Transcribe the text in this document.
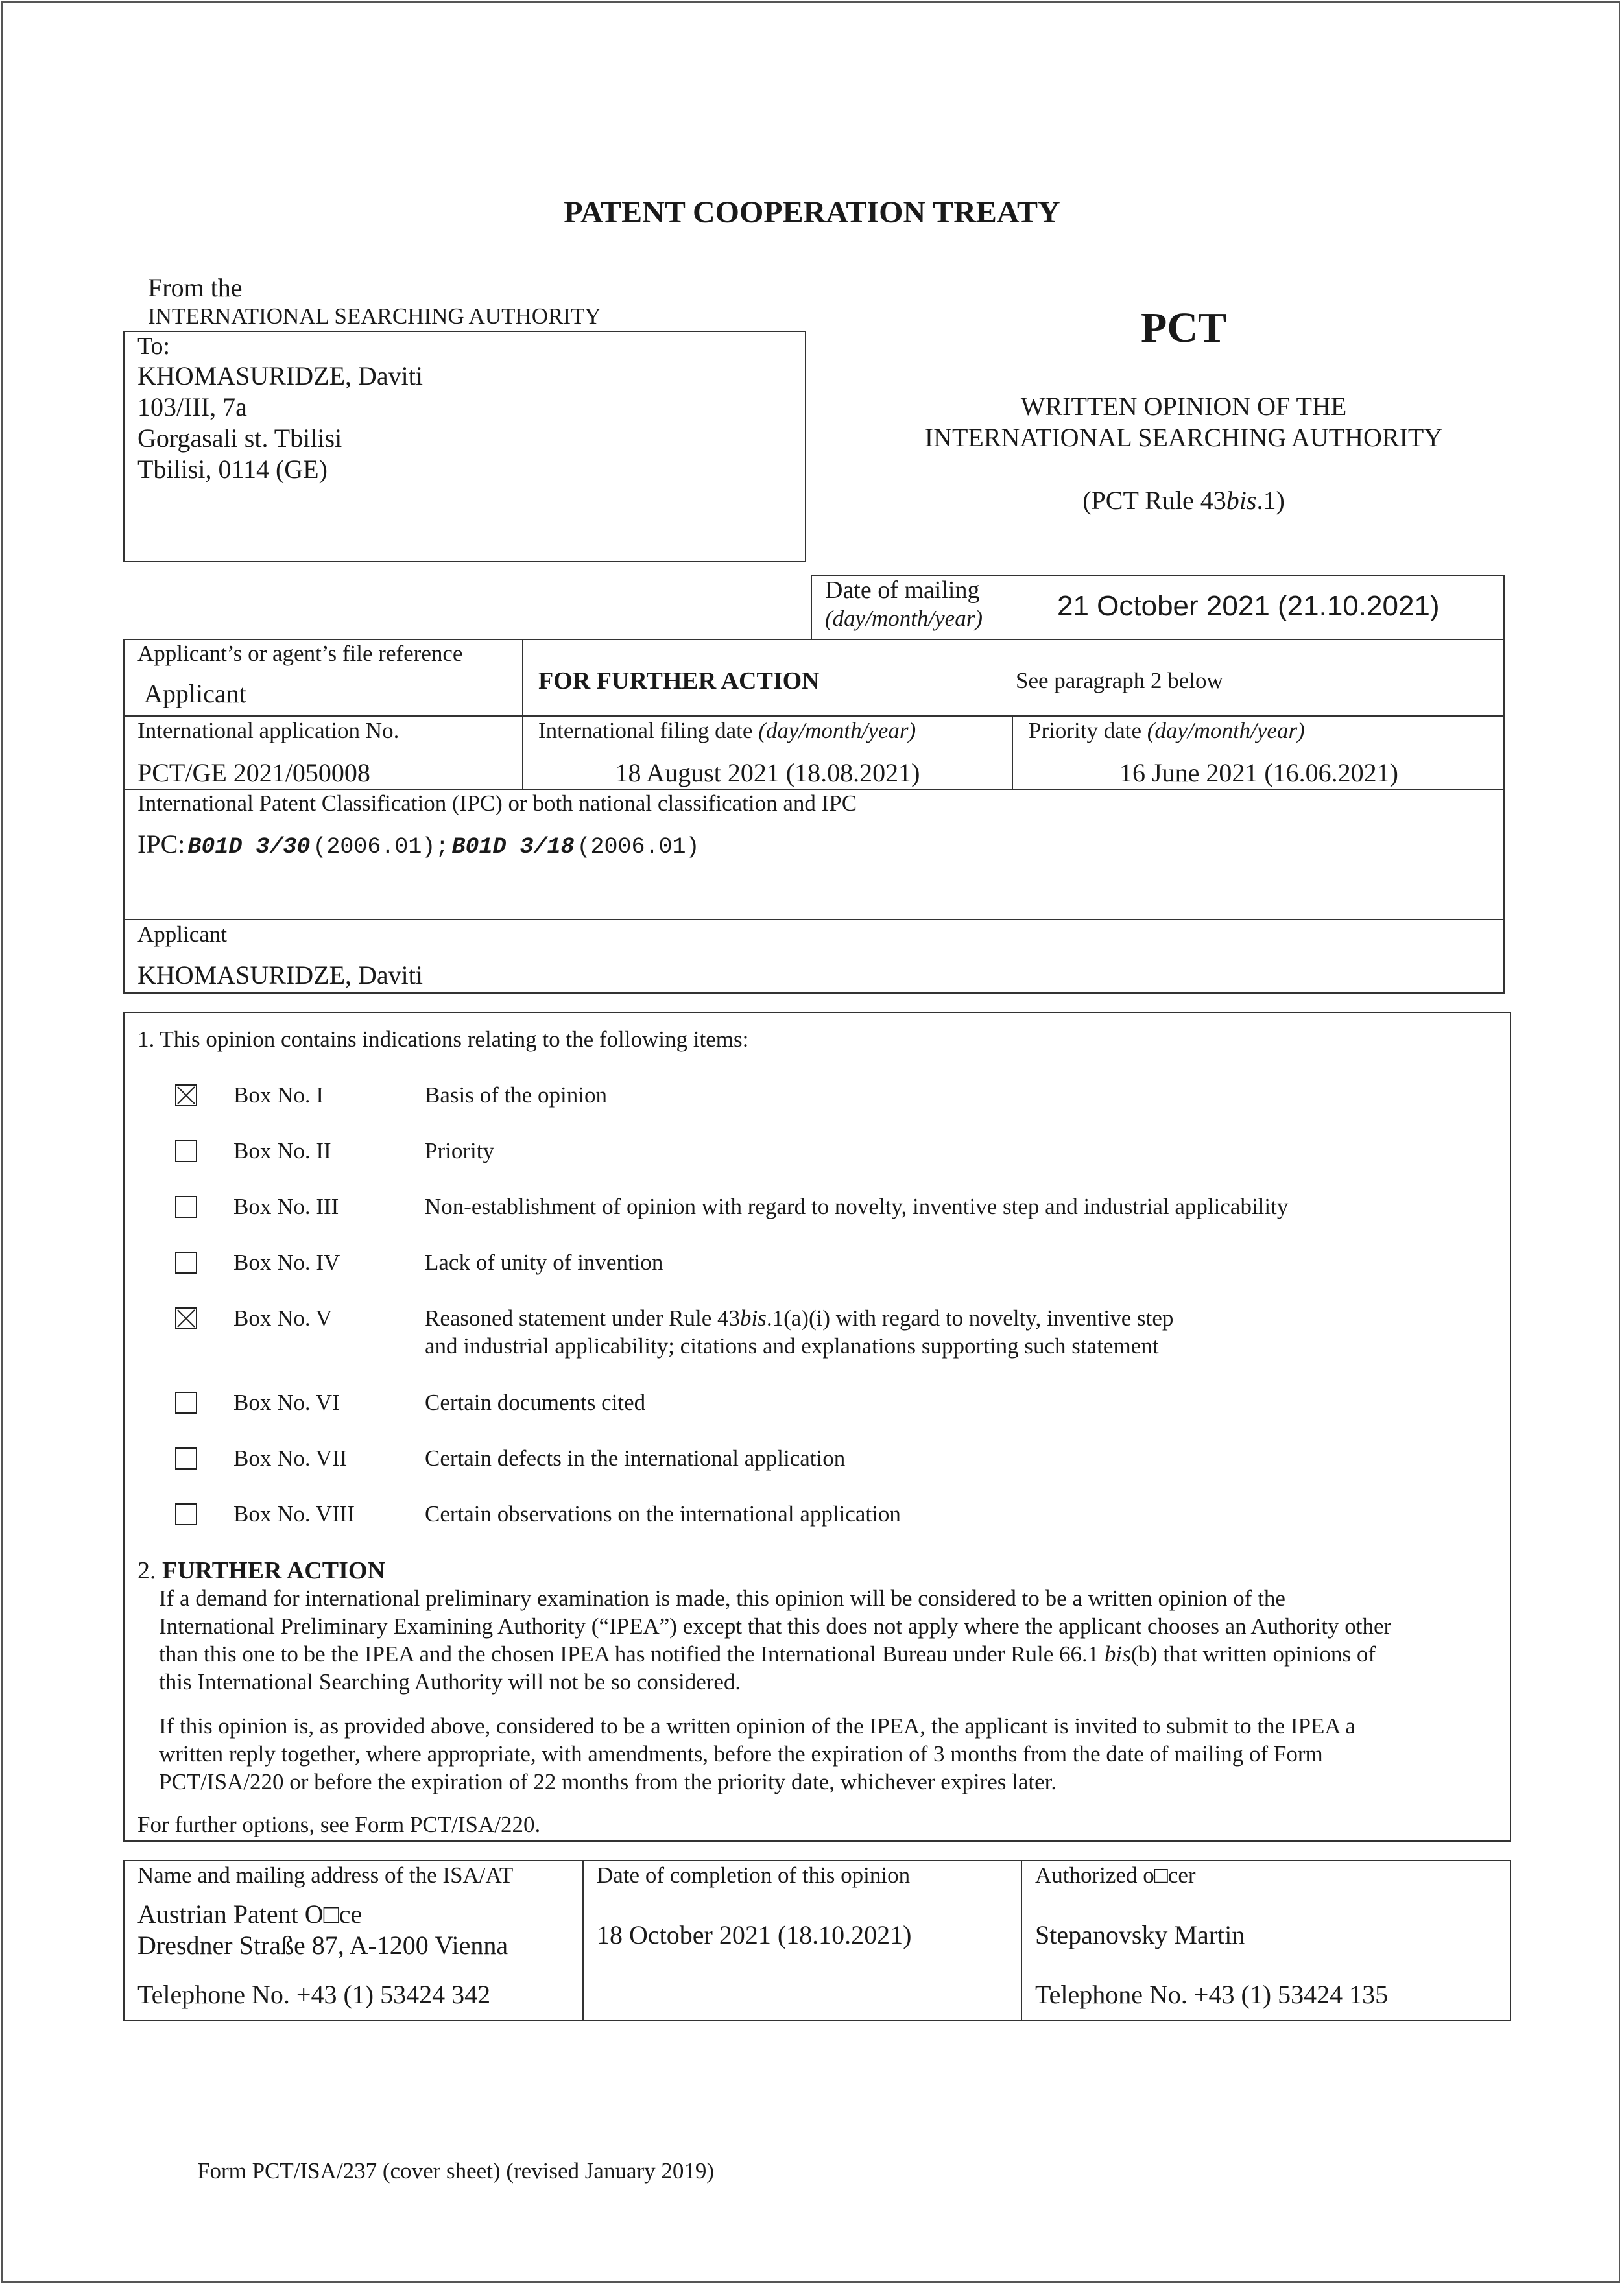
PATENT COOPERATION TREATY
From the
INTERNATIONAL SEARCHING AUTHORITY
To:
KHOMASURIDZE, Daviti
103/III, 7a
Gorgasali st. Tbilisi
Tbilisi, 0114 (GE)
PCT
WRITTEN OPINION OF THE
INTERNATIONAL SEARCHING AUTHORITY
(PCT Rule 43bis.1)
Date of mailing
(day/month/year)	21 October 2021 (21.10.2021)
Applicant’s or agent’s file reference
Applicant	FOR FURTHER ACTION	See paragraph 2 below
International application No.
PCT/GE 2021/050008
International filing date (day/month/year)
18 August 2021 (18.08.2021)
Priority date (day/month/year)
16 June 2021 (16.06.2021)
International Patent Classification (IPC) or both national classification and IPC
IPC: B01D 3/30 (2006.01); B01D 3/18 (2006.01)
Applicant
KHOMASURIDZE, Daviti
1. This opinion contains indications relating to the following items:
Box No. I	Basis of the opinion
Box No. II	Priority
Box No. III	Non-establishment of opinion with regard to novelty, inventive step and industrial applicability
Box No. IV	Lack of unity of invention
Box No. V	Reasoned statement under Rule 43bis.1(a)(i) with regard to novelty, inventive step
and industrial applicability; citations and explanations supporting such statement
Box No. VI	Certain documents cited
Box No. VII	Certain defects in the international application
Box No. VIII	Certain observations on the international application
2. FURTHER ACTION
If a demand for international preliminary examination is made, this opinion will be considered to be a written opinion of the
International Preliminary Examining Authority (“IPEA”) except that this does not apply where the applicant chooses an Authority other
than this one to be the IPEA and the chosen IPEA has notified the International Bureau under Rule 66.1 bis(b) that written opinions of
this International Searching Authority will not be so considered.
If this opinion is, as provided above, considered to be a written opinion of the IPEA, the applicant is invited to submit to the IPEA a
written reply together, where appropriate, with amendments, before the expiration of 3 months from the date of mailing of Form
PCT/ISA/220 or before the expiration of 22 months from the priority date, whichever expires later.
For further options, see Form PCT/ISA/220.
Name and mailing address of the ISA/AT
Austrian Patent O□ce
Dresdner Straße 87, A-1200 Vienna
Telephone No. +43 (1) 53424 342
Date of completion of this opinion
18 October 2021 (18.10.2021)
Authorized o□cer
Stepanovsky Martin
Telephone No. +43 (1) 53424 135
Form PCT/ISA/237 (cover sheet) (revised January 2019)
